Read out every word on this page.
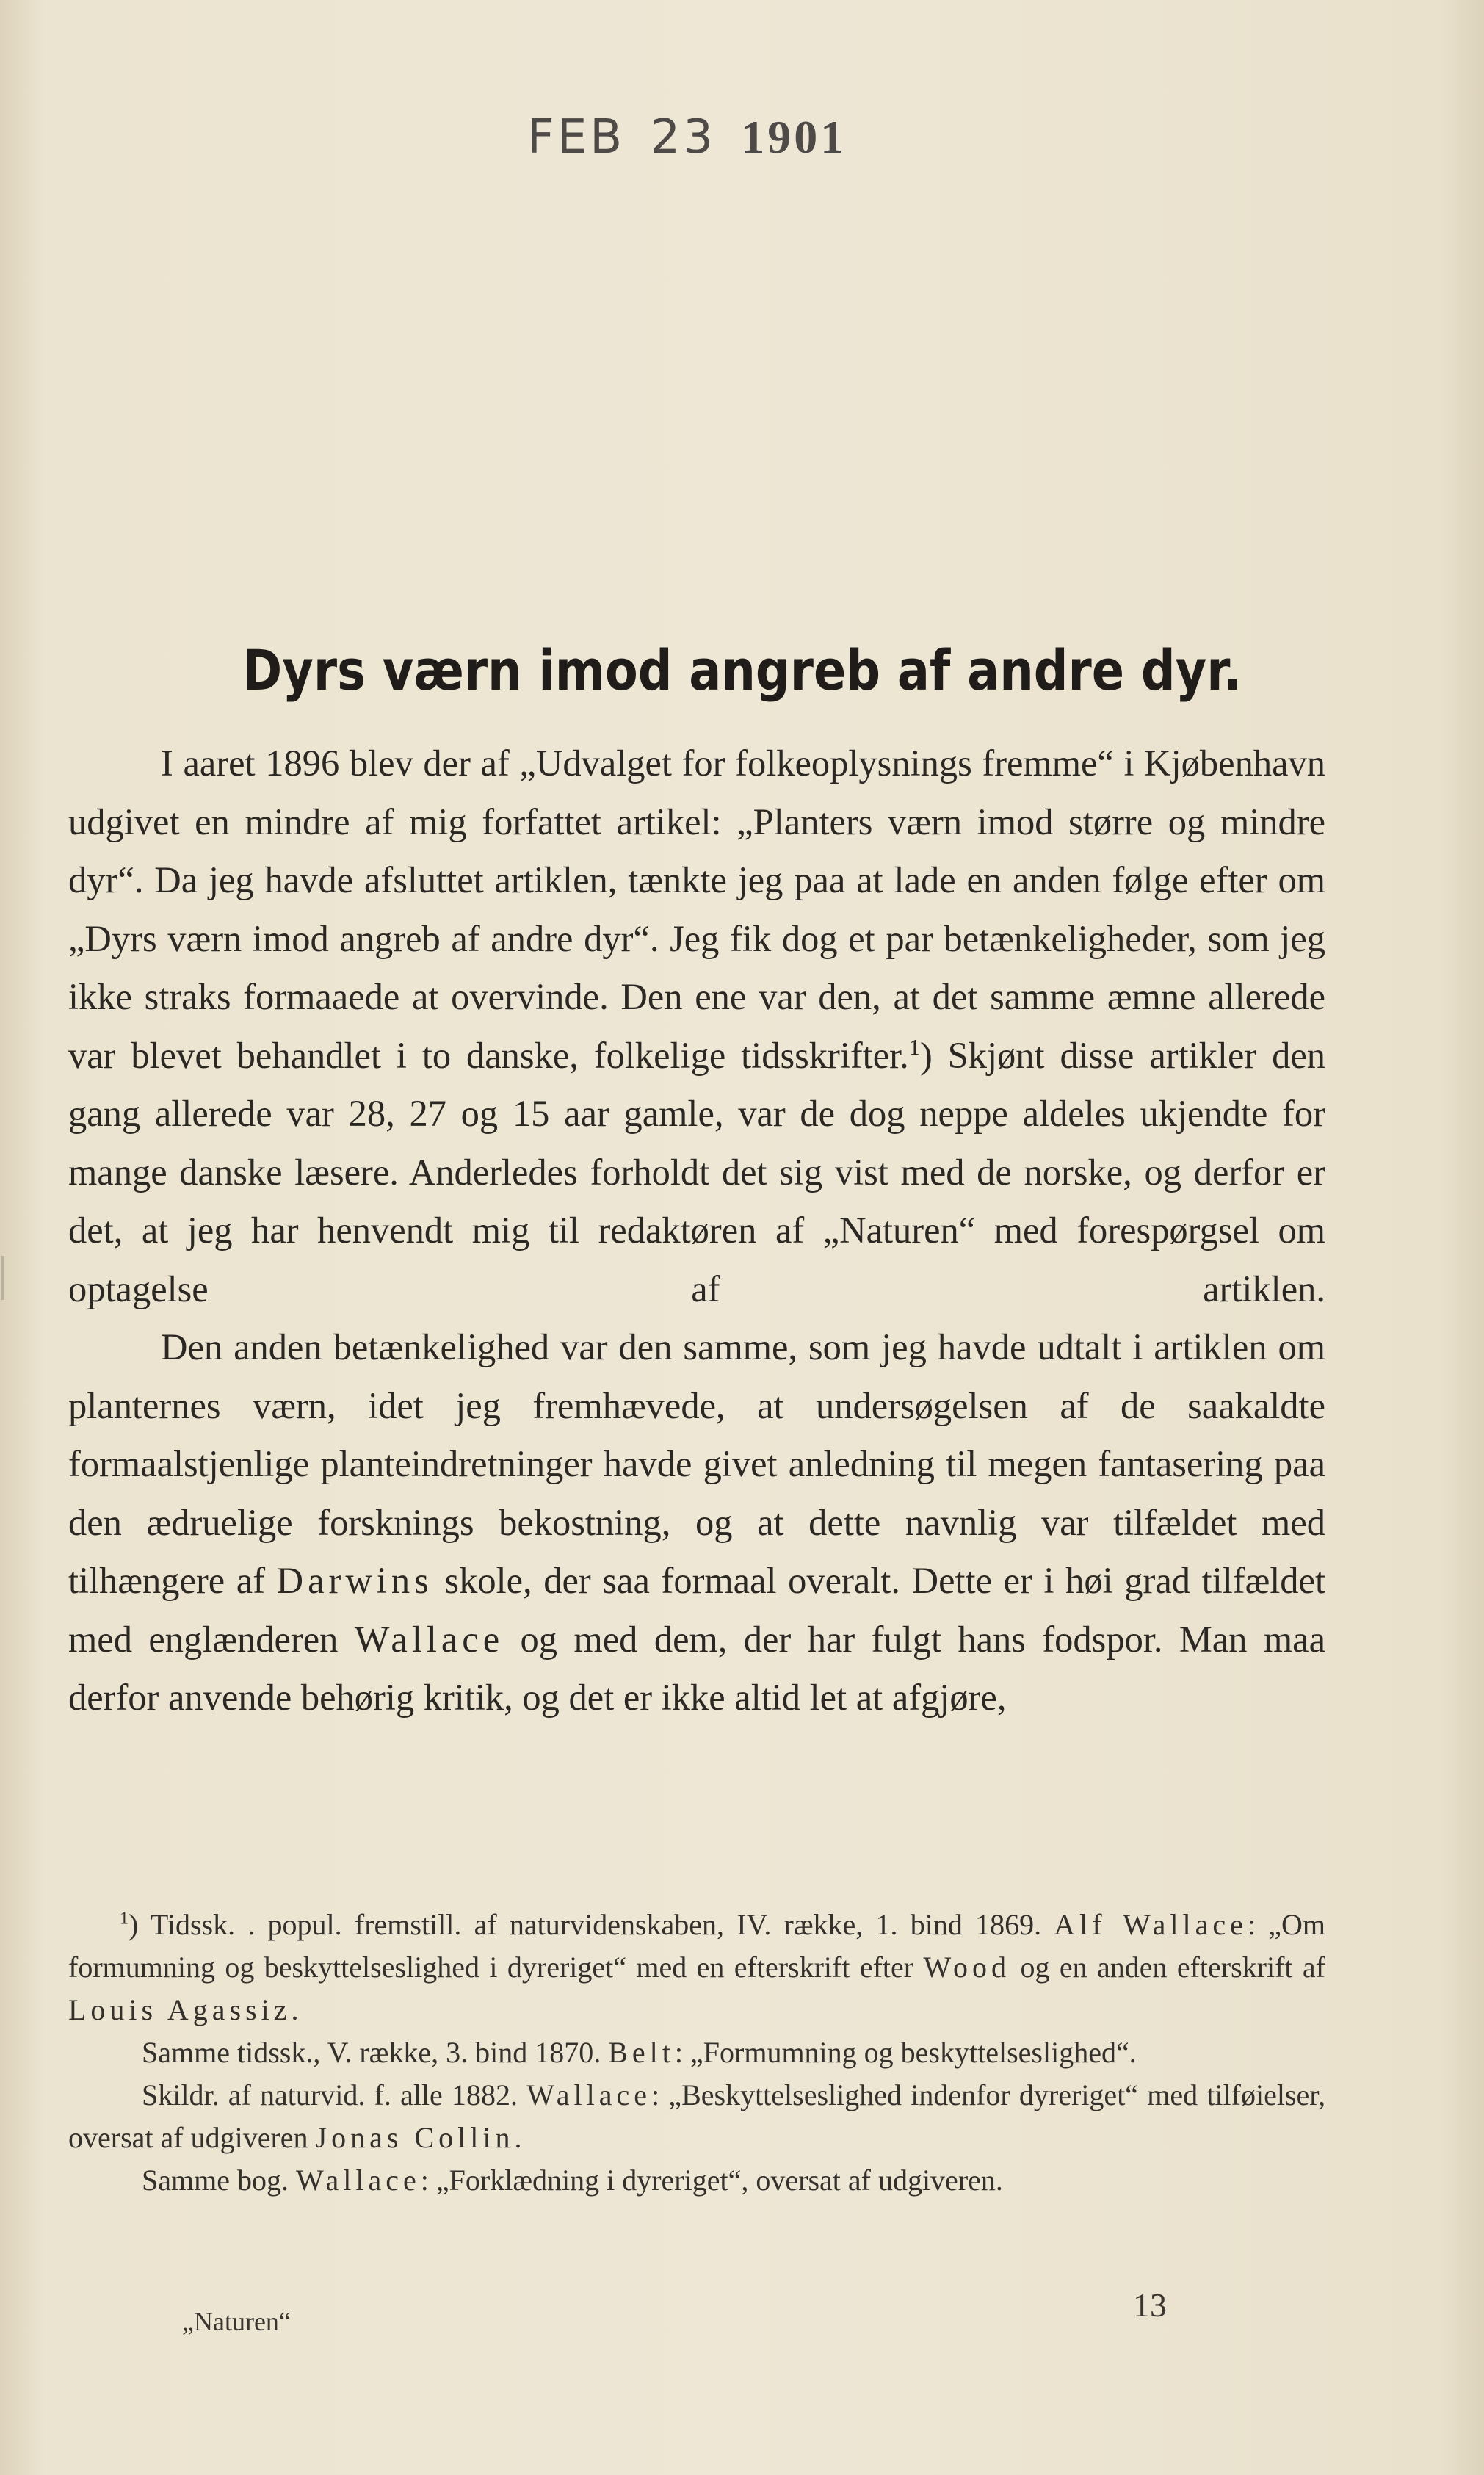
FEB 23 1901
Dyrs værn imod angreb af andre dyr.

I aaret 1896 blev der af „Udvalget for folkeoplysnings fremme“ i Kjøbenhavn udgivet en mindre af mig forfattet artikel: „Planters værn imod større og mindre dyr“. Da jeg havde afsluttet artiklen, tænkte jeg paa at lade en anden følge efter om „Dyrs værn imod angreb af andre dyr“. Jeg fik dog et par betænkeligheder, som jeg ikke straks formaaede at overvinde. Den ene var den, at det samme æmne allerede var blevet behandlet i to danske, folkelige tidsskrifter.$^1$) Skjønt disse artikler den gang allerede var 28, 27 og 15 aar gamle, var de dog neppe aldeles ukjendte for mange danske læsere. Anderledes forholdt det sig vist med de norske, og derfor er det, at jeg har henvendt mig til redaktøren af „Naturen“ med forespørgsel om optagelse af artiklen.

Den anden betænkelighed var den samme, som jeg havde udtalt i artiklen om planternes værn, idet jeg fremhævede, at undersøgelsen af de saakaldte formaalstjenlige planteindretninger havde givet anledning til megen fantasering paa den ædruelige forsknings bekostning, og at dette navnlig var tilfældet med tilhængere af Darwins skole, der saa formaal overalt. Dette er i høi grad tilfældet med englænderen Wallace og med dem, der har fulgt hans fodspor. Man maa derfor anvende behørig kritik, og det er ikke altid let at afgjøre,

$^1$) Tidssk. . popul. fremstill. af naturvidenskaben, IV. række, 1. bind 1869. Alf Wallace: „Om formumning og beskyttelseslighed i dyreriget“ med en efterskrift efter Wood og en anden efterskrift af Louis Agassiz.

Samme tidssk., V. række, 3. bind 1870. Belt: „Formumning og beskyttelseslighed“.

Skildr. af naturvid. f. alle 1882. Wallace: „Beskyttelseslighed indenfor dyreriget“ med tilføielser, oversat af udgiveren Jonas Collin.

Samme bog. Wallace: „Forklædning i dyreriget“, oversat af udgiveren.

„Naturen“	13
